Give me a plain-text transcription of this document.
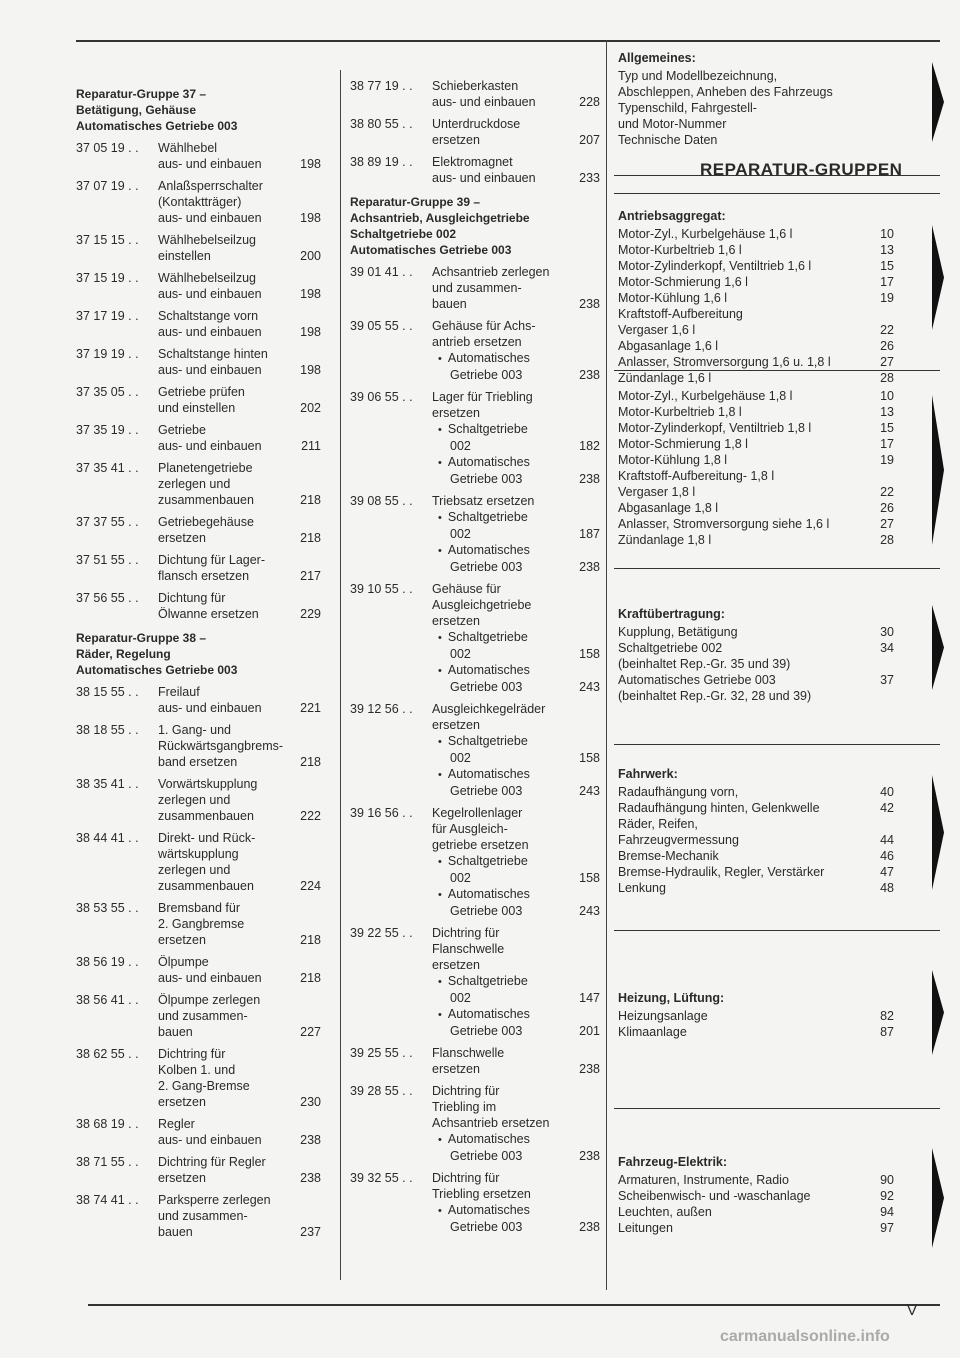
Reparatur-Gruppe 37 –
Betätigung, Gehäuse
Automatisches Getriebe 003
37 05 19 . .	Wählhebel
aus- und einbauen	198
37 07 19 . .	Anlaßsperrschalter
(Kontaktträger)
aus- und einbauen	198
37 15 15 . .	Wählhebelseilzug
einstellen	200
37 15 19 . .	Wählhebelseilzug
aus- und einbauen	198
37 17 19 . .	Schaltstange vorn
aus- und einbauen	198
37 19 19 . .	Schaltstange hinten
aus- und einbauen	198
37 35 05 . .	Getriebe prüfen
und einstellen	202
37 35 19 . .	Getriebe
aus- und einbauen	211
37 35 41 . .	Planetengetriebe
zerlegen und
zusammenbauen	218
37 37 55 . .	Getriebegehäuse
ersetzen	218
37 51 55 . .	Dichtung für Lager-
flansch ersetzen	217
37 56 55 . .	Dichtung für
Ölwanne ersetzen	229
Reparatur-Gruppe 38 –
Räder, Regelung
Automatisches Getriebe 003
38 15 55 . .	Freilauf
aus- und einbauen	221
38 18 55 . .	1. Gang- und
Rückwärtsgangbrems-
band ersetzen	218
38 35 41 . .	Vorwärtskupplung
zerlegen und
zusammenbauen	222
38 44 41 . .	Direkt- und Rück-
wärtskupplung
zerlegen und
zusammenbauen	224
38 53 55 . .	Bremsband für
2. Gangbremse
ersetzen	218
38 56 19 . .	Ölpumpe
aus- und einbauen	218
38 56 41 . .	Ölpumpe zerlegen
und zusammen-
bauen	227
38 62 55 . .	Dichtring für
Kolben 1. und
2. Gang-Bremse
ersetzen	230
38 68 19 . .	Regler
aus- und einbauen	238
38 71 55 . .	Dichtring für Regler
ersetzen	238
38 74 41 . .	Parksperre zerlegen
und zusammen-
bauen	237
38 77 19 . .	Schieberkasten
aus- und einbauen	228
38 80 55 . .	Unterdruckdose
ersetzen	207
38 89 19 . .	Elektromagnet
aus- und einbauen	233
Reparatur-Gruppe 39 –
Achsantrieb, Ausgleichgetriebe
Schaltgetriebe 002
Automatisches Getriebe 003
39 01 41 . .	Achsantrieb zerlegen
und zusammen-
bauen	238
39 05 55 . .	Gehäuse für Achs-
antrieb ersetzen
• Automatisches
Getriebe 003	238
39 06 55 . .	Lager für Triebling
ersetzen
• Schaltgetriebe
002	182
• Automatisches
Getriebe 003	238
39 08 55 . .	Triebsatz ersetzen
• Schaltgetriebe
002	187
• Automatisches
Getriebe 003	238
39 10 55 . .	Gehäuse für
Ausgleichgetriebe
ersetzen
• Schaltgetriebe
002	158
• Automatisches
Getriebe 003	243
39 12 56 . .	Ausgleichkegelräder
ersetzen
• Schaltgetriebe
002	158
• Automatisches
Getriebe 003	243
39 16 56 . .	Kegelrollenlager
für Ausgleich-
getriebe ersetzen
• Schaltgetriebe
002	158
• Automatisches
Getriebe 003	243
39 22 55 . .	Dichtring für
Flanschwelle
ersetzen
• Schaltgetriebe
002	147
• Automatisches
Getriebe 003	201
39 25 55 . .	Flanschwelle
ersetzen	238
39 28 55 . .	Dichtring für
Triebling im
Achsantrieb ersetzen
• Automatisches
Getriebe 003	238
39 32 55 . .	Dichtring für
Triebling ersetzen
• Automatisches
Getriebe 003	238
Allgemeines:
Typ und Modellbezeichnung,
Abschleppen, Anheben des Fahrzeugs
Typenschild, Fahrgestell-
und Motor-Nummer
Technische Daten
Antriebsaggregat:
Motor-Zyl., Kurbelgehäuse 1,6 l	10
Motor-Kurbeltrieb 1,6 l	13
Motor-Zylinderkopf, Ventiltrieb 1,6 l	15
Motor-Schmierung 1,6 l	17
Motor-Kühlung 1,6 l	19
Kraftstoff-Aufbereitung
Vergaser 1,6 l	22
Abgasanlage 1,6 l	26
Anlasser, Stromversorgung 1,6 u. 1,8 l	27
Zündanlage 1,6 l	28
Motor-Zyl., Kurbelgehäuse 1,8 l	10
Motor-Kurbeltrieb 1,8 l	13
Motor-Zylinderkopf, Ventiltrieb 1,8 l	15
Motor-Schmierung 1,8 l	17
Motor-Kühlung 1,8 l	19
Kraftstoff-Aufbereitung- 1,8 l
Vergaser 1,8 l	22
Abgasanlage 1,8 l	26
Anlasser, Stromversorgung siehe 1,6 l	27
Zündanlage 1,8 l	28
Kraftübertragung:
Kupplung, Betätigung	30
Schaltgetriebe 002	34
(beinhaltet Rep.-Gr. 35 und 39)
Automatisches Getriebe 003	37
(beinhaltet Rep.-Gr. 32, 28 und 39)
Fahrwerk:
Radaufhängung vorn,	40
Radaufhängung hinten, Gelenkwelle	42
Räder, Reifen,
Fahrzeugvermessung	44
Bremse-Mechanik	46
Bremse-Hydraulik, Regler, Verstärker	47
Lenkung	48
Heizung, Lüftung:
Heizungsanlage	82
Klimaanlage	87
Fahrzeug-Elektrik:
Armaturen, Instrumente, Radio	90
Scheibenwisch- und -waschanlage	92
Leuchten, außen	94
Leitungen	97
REPARATUR-GRUPPEN
V
carmanualsonline.info
